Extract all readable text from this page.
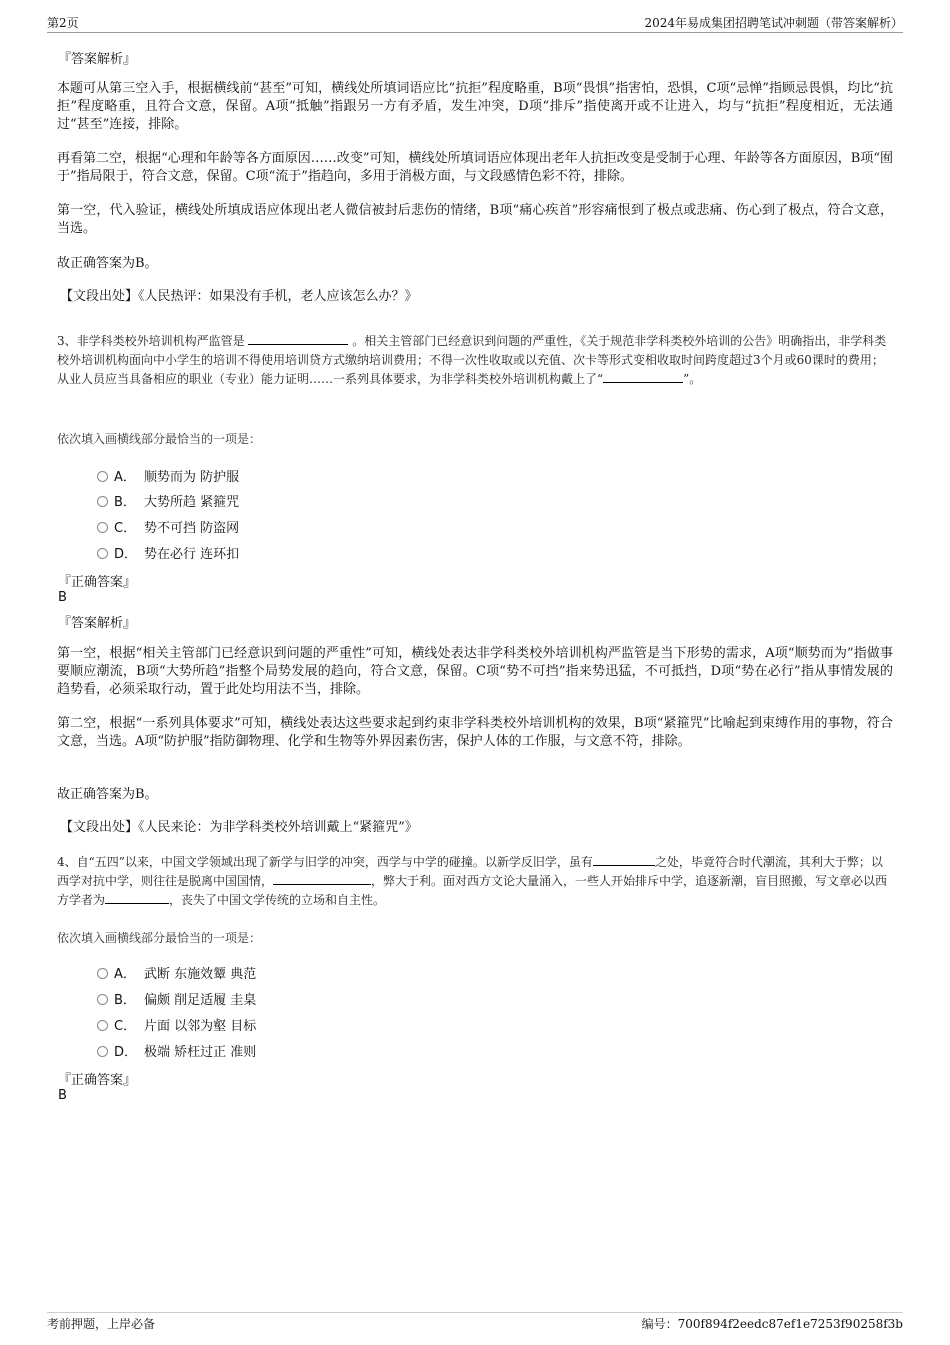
第2页	2024年易成集团招聘笔试冲刺题（带答案解析）
『答案解析』

本题可从第三空入手，根据横线前“甚至”可知，横线处所填词语应比“抗拒”程度略重，B项“畏惧”指害怕，恐惧，C项“忌惮”指顾忌畏惧，均比“抗拒”程度略重，且符合文意，保留。A项“抵触”指跟另一方有矛盾，发生冲突，D项“排斥”指使离开或不让进入，均与“抗拒”程度相近，无法通过“甚至”连接，排除。

再看第二空，根据“心理和年龄等各方面原因……改变”可知，横线处所填词语应体现出老年人抗拒改变是受制于心理、年龄等各方面原因，B项“囿于”指局限于，符合文意，保留。C项“流于”指趋向，多用于消极方面，与文段感情色彩不符，排除。

第一空，代入验证，横线处所填成语应体现出老人微信被封后悲伤的情绪，B项“痛心疾首”形容痛恨到了极点或悲痛、伤心到了极点，符合文意，当选。

故正确答案为B。

【文段出处】《人民热评：如果没有手机，老人应该怎么办？》

3、非学科类校外培训机构严监管是	。相关主管部门已经意识到问题的严重性，《关于规范非学科类校外培训的公告》明确指出，非学科类校外培训机构面向中小学生的培训不得使用培训贷方式缴纳培训费用；不得一次性收取或以充值、次卡等形式变相收取时间跨度超过3个月或60课时的费用；从业人员应当具备相应的职业（专业）能力证明……一系列具体要求，为非学科类校外培训机构戴上了“	”。
依次填入画横线部分最恰当的一项是：
A． 顺势而为 防护服
B． 大势所趋 紧箍咒
C． 势不可挡 防盗网
D． 势在必行 连环扣
『正确答案』
B
『答案解析』

第一空，根据“相关主管部门已经意识到问题的严重性”可知，横线处表达非学科类校外培训机构严监管是当下形势的需求，A项“顺势而为”指做事要顺应潮流，B项“大势所趋”指整个局势发展的趋向，符合文意，保留。C项“势不可挡”指来势迅猛，不可抵挡，D项“势在必行”指从事情发展的趋势看，必须采取行动，置于此处均用法不当，排除。

第二空，根据“一系列具体要求”可知，横线处表达这些要求起到约束非学科类校外培训机构的效果，B项“紧箍咒”比喻起到束缚作用的事物，符合文意，当选。A项“防护服”指防御物理、化学和生物等外界因素伤害，保护人体的工作服，与文意不符，排除。

故正确答案为B。

【文段出处】《人民来论：为非学科类校外培训戴上“紧箍咒”》

4、自“五四”以来，中国文学领域出现了新学与旧学的冲突，西学与中学的碰撞。以新学反旧学，虽有	之处，毕竟符合时代潮流，其利大于弊；以西学对抗中学，则往往是脱离中国国情，	，弊大于利。面对西方文论大量涌入，一些人开始排斥中学，追逐新潮，盲目照搬，写文章必以西方学者为	，丧失了中国文学传统的立场和自主性。
依次填入画横线部分最恰当的一项是：
A． 武断 东施效颦 典范
B． 偏颇 削足适履 圭臬
C． 片面 以邻为壑 目标
D． 极端 矫枉过正 准则
『正确答案』
B
考前押题，上岸必备	编号：700f894f2eedc87ef1e7253f90258f3b
